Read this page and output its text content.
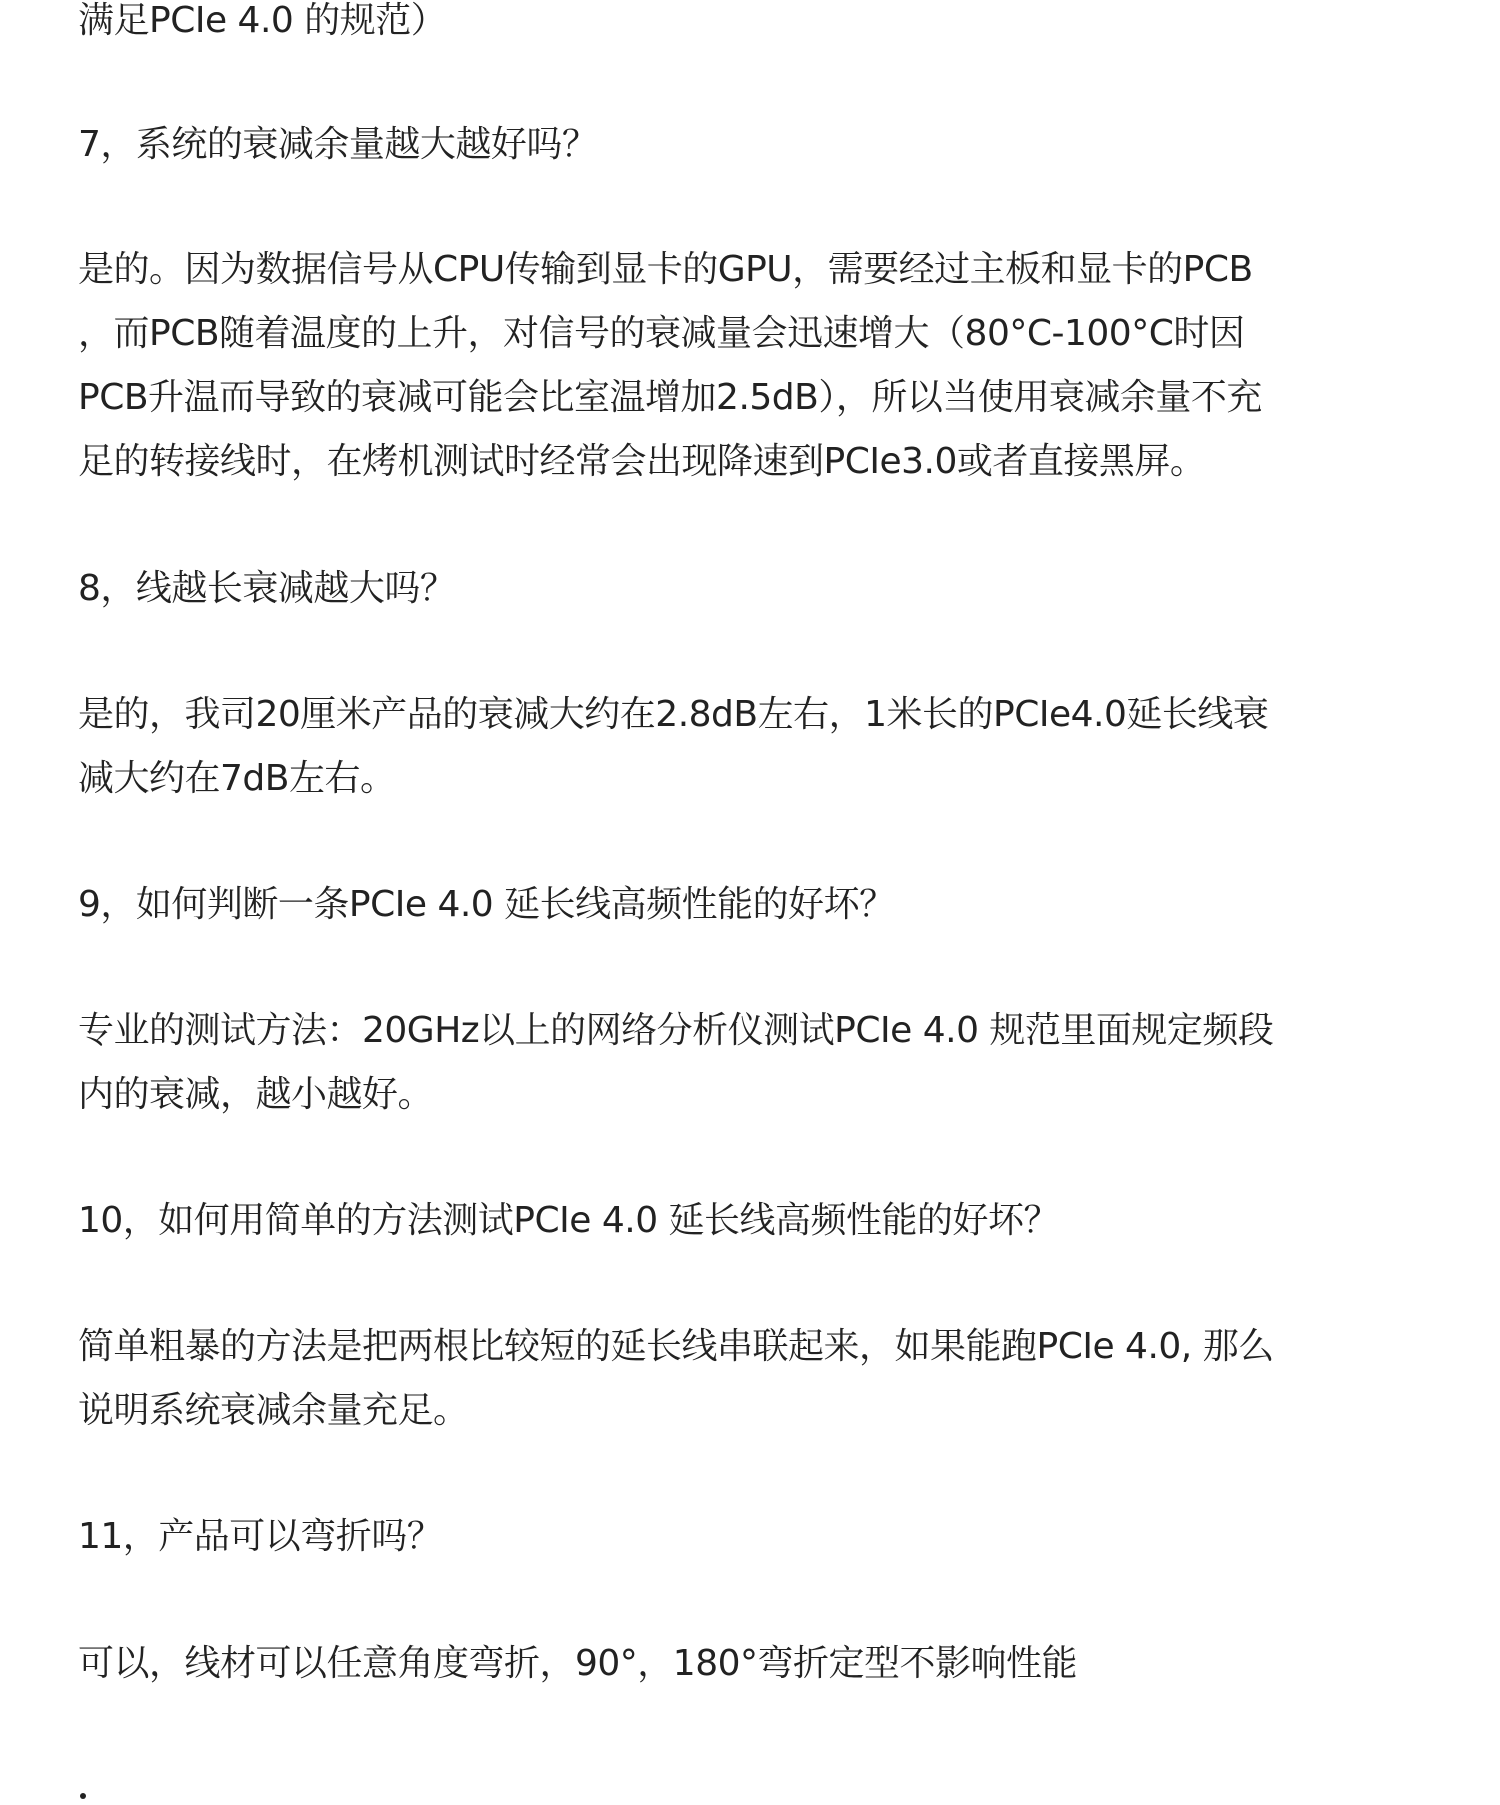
满足PCIe 4.0 的规范）

7，系统的衰减余量越大越好吗？

是的。因为数据信号从CPU传输到显卡的GPU，需要经过主板和显卡的PCB

，而PCB随着温度的上升，对信号的衰减量会迅速增大（80°C-100°C时因

PCB升温而导致的衰减可能会比室温增加2.5dB），所以当使用衰减余量不充

足的转接线时，在烤机测试时经常会出现降速到PCIe3.0或者直接黑屏。

8，线越长衰减越大吗？

是的，我司20厘米产品的衰减大约在2.8dB左右，1米长的PCIe4.0延长线衰

减大约在7dB左右。

9，如何判断一条PCIe 4.0 延长线高频性能的好坏？

专业的测试方法：20GHz以上的网络分析仪测试PCIe 4.0 规范里面规定频段

内的衰减，越小越好。

10，如何用简单的方法测试PCIe 4.0 延长线高频性能的好坏？

简单粗暴的方法是把两根比较短的延长线串联起来，如果能跑PCIe 4.0, 那么

说明系统衰减余量充足。

11，产品可以弯折吗？

可以，线材可以任意角度弯折，90°，180°弯折定型不影响性能
